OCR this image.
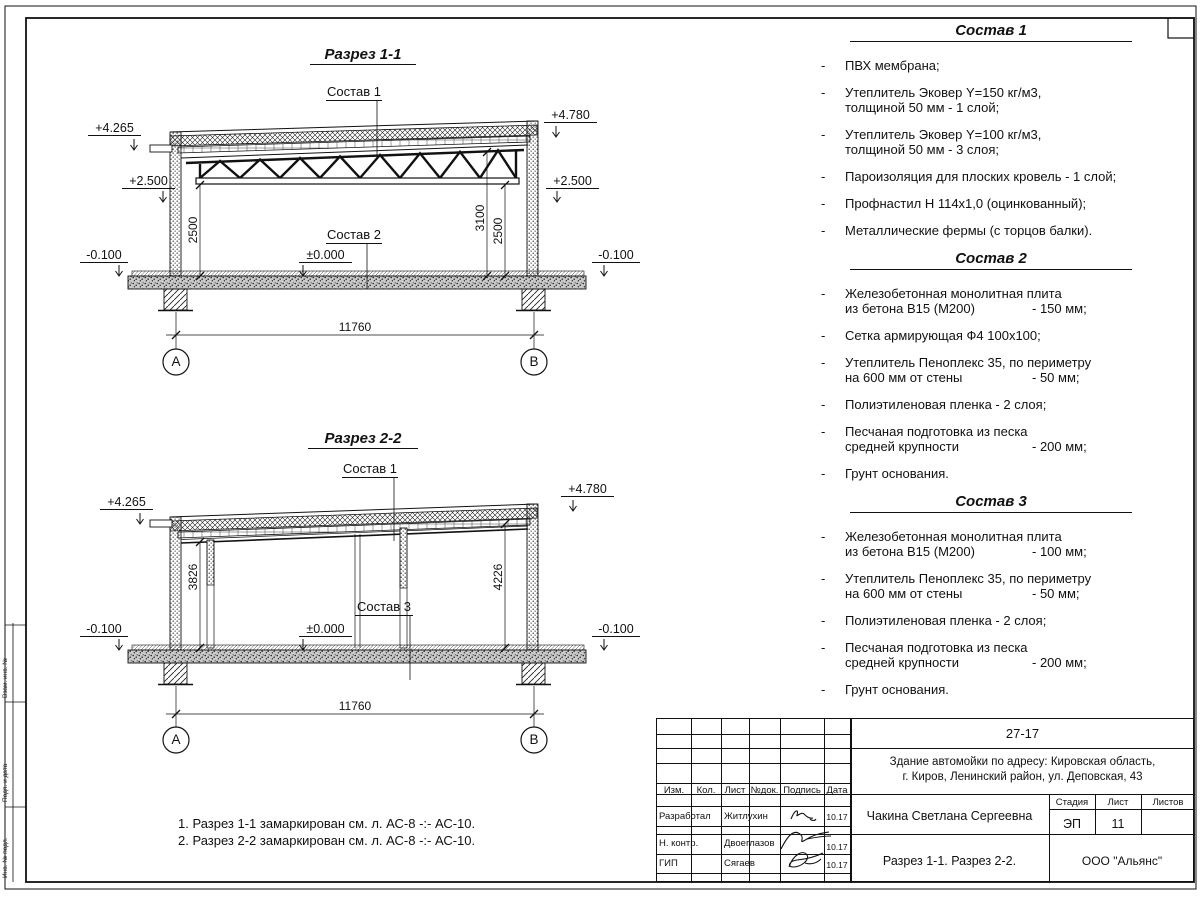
Разрез 1-1
Состав 1
Состав 2
+4.265
+4.780
+2.500	+2.500
±0.000
-0.100	-0.100
2500	3100 2500
11760
А	В
Разрез 2-2
Состав 1
Состав 3
+4.265
+4.780
±0.000
-0.100	-0.100
3826	4226
11760
А	В
Состав 1
-	ПВХ мембрана;
-	Утеплитель Эковер Y=150 кг/м3,
толщиной 50 мм - 1 слой;
-	Утеплитель Эковер Y=100 кг/м3,
толщиной 50 мм - 3 слоя;
-	Пароизоляция для плоских кровель - 1 слой;
-	Профнастил Н 114х1,0 (оцинкованный);
-	Металлические фермы (с торцов балки).
Состав 2
-	Железобетонная монолитная плита
из бетона В15 (М200)	- 150 мм;
-	Сетка армирующая Ф4 100х100;
-	Утеплитель Пеноплекс 35, по периметру
на 600 мм от стены	- 50 мм;
-	Полиэтиленовая пленка - 2 слоя;
-	Песчаная подготовка из песка
средней крупности	- 200 мм;
-	Грунт основания.
Состав 3
-	Железобетонная монолитная плита
из бетона В15 (М200)	- 100 мм;
-	Утеплитель Пеноплекс 35, по периметру
на 600 мм от стены	- 50 мм;
-	Полиэтиленовая пленка - 2 слоя;
-	Песчаная подготовка из песка
средней крупности	- 200 мм;
-	Грунт основания.
1. Разрез 1-1 замаркирован см. л. АС-8 -:- АС-10.
2. Разрез 2-2 замаркирован см. л. АС-8 -:- АС-10.
Взам. инв. №
Подп. и дата
Инв. № подл.
Изм.	Кол. Лист №док. Подпись Дата
Разработал Житлухин	10.17
Н. контр.	Двоеглазов	10.17
ГИП	Сягаев	10.17
27-17
Здание автомойки по адресу: Кировская область,
г. Киров, Ленинский район, ул. Деповская, 43
Чакина Светлана Сергеевна
Стадия	Лист	Листов
ЭП	11
Разрез 1-1. Разрез 2-2.	ООО "Альянс"
